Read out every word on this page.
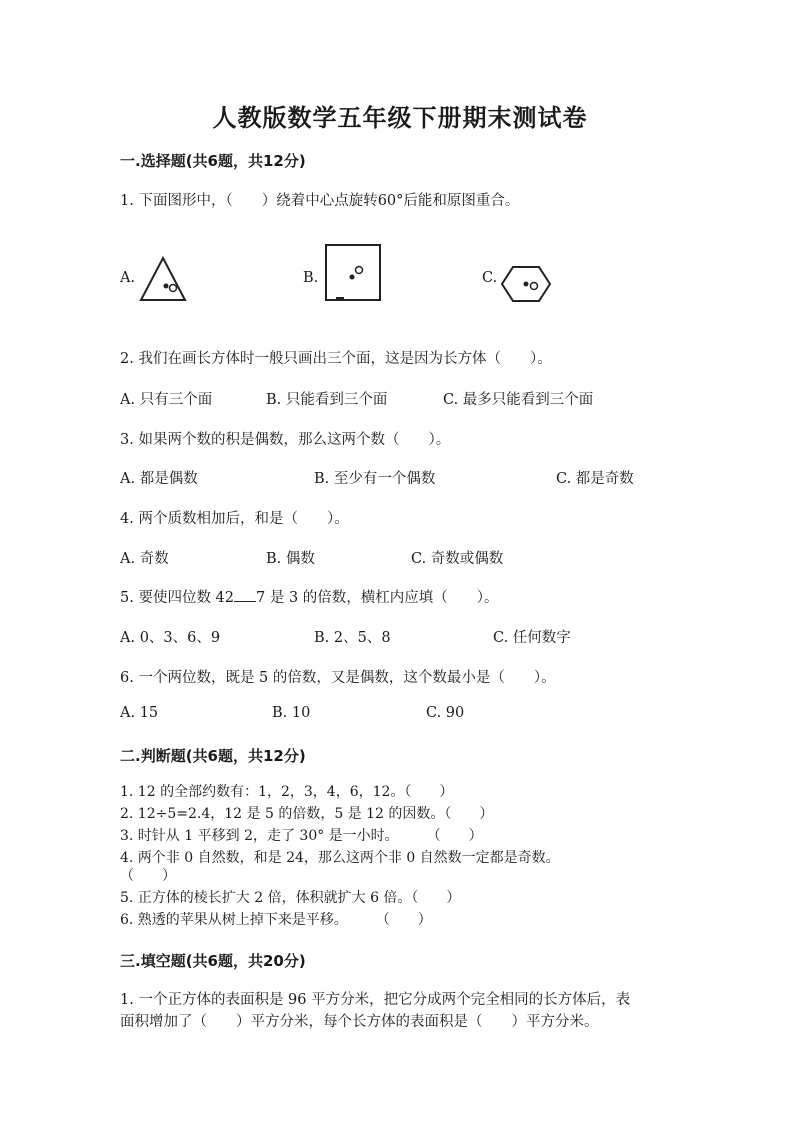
人教版数学五年级下册期末测试卷
一.选择题(共6题，共12分)
1. 下面图形中，（　　）绕着中心点旋转60°后能和原图重合。
A.	B.	C.
2. 我们在画长方体时一般只画出三个面，这是因为长方体（　　）。
A. 只有三个面	B. 只能看到三个面	C. 最多只能看到三个面
3. 如果两个数的积是偶数，那么这两个数（　　）。
A. 都是偶数	B. 至少有一个偶数	C. 都是奇数
4. 两个质数相加后，和是（　　）。
A. 奇数	B. 偶数	C. 奇数或偶数
5. 要使四位数 42 7 是 3 的倍数，横杠内应填（　　）。
A. 0、3、6、9	B. 2、5、8	C. 任何数字
6. 一个两位数，既是 5 的倍数，又是偶数，这个数最小是（　　）。
A. 15	B. 10	C. 90
二.判断题(共6题，共12分)
1. 12 的全部约数有：1，2，3，4，6，12。（　　）
2. 12÷5=2.4，12 是 5 的倍数，5 是 12 的因数。（　　）
3. 时针从 1 平移到 2，走了 30° 是一小时。　　　（　　）
4. 两个非 0 自然数，和是 24，那么这两个非 0 自然数一定都是奇数。
（　　）
5. 正方体的棱长扩大 2 倍，体积就扩大 6 倍。（　　）
6. 熟透的苹果从树上掉下来是平移。　　　（　　）
三.填空题(共6题，共20分)
1. 一个正方体的表面积是 96 平方分米，把它分成两个完全相同的长方体后，表
面积增加了（　　）平方分米，每个长方体的表面积是（　　）平方分米。
